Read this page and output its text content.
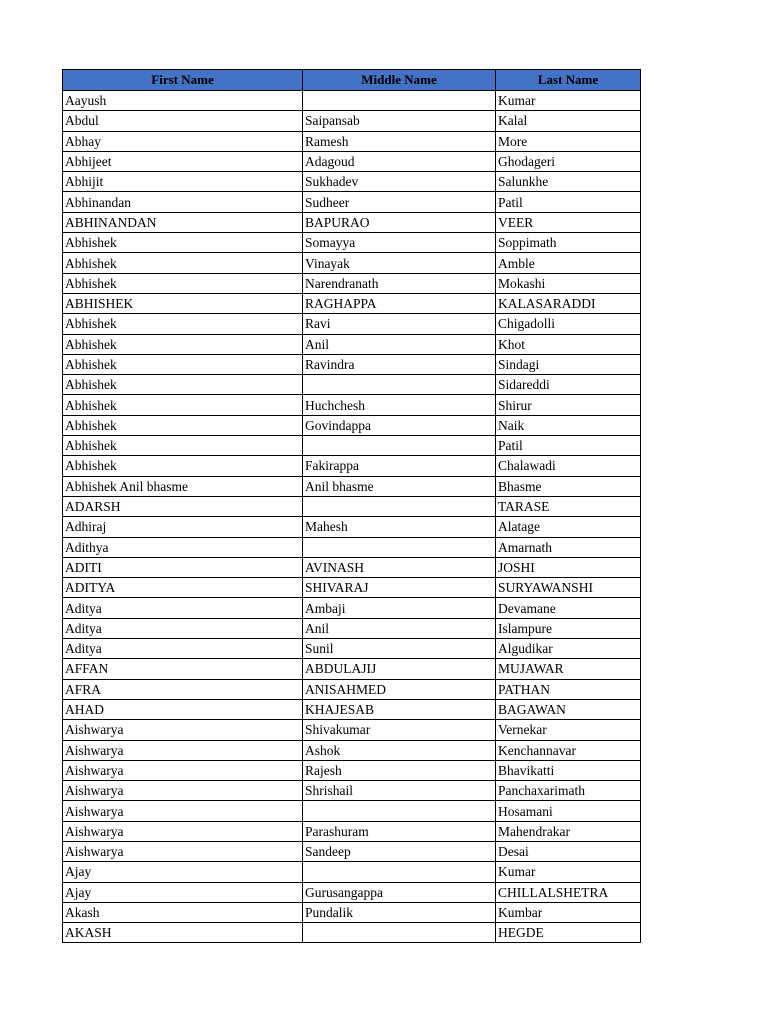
First Name	Middle Name	Last Name
Aayush		Kumar
Abdul	Saipansab	Kalal
Abhay	Ramesh	More
Abhijeet	Adagoud	Ghodageri
Abhijit	Sukhadev	Salunkhe
Abhinandan	Sudheer	Patil
ABHINANDAN	BAPURAO	VEER
Abhishek	Somayya	Soppimath
Abhishek	Vinayak	Amble
Abhishek	Narendranath	Mokashi
ABHISHEK	RAGHAPPA	KALASARADDI
Abhishek	Ravi	Chigadolli
Abhishek	Anil	Khot
Abhishek	Ravindra	Sindagi
Abhishek		Sidareddi
Abhishek	Huchchesh	Shirur
Abhishek	Govindappa	Naik
Abhishek		Patil
Abhishek	Fakirappa	Chalawadi
Abhishek Anil bhasme	Anil bhasme	Bhasme
ADARSH		TARASE
Adhiraj	Mahesh	Alatage
Adithya		Amarnath
ADITI	AVINASH	JOSHI
ADITYA	SHIVARAJ	SURYAWANSHI
Aditya	Ambaji	Devamane
Aditya	Anil	Islampure
Aditya	Sunil	Algudikar
AFFAN	ABDULAJIJ	MUJAWAR
AFRA	ANISAHMED	PATHAN
AHAD	KHAJESAB	BAGAWAN
Aishwarya	Shivakumar	Vernekar
Aishwarya	Ashok	Kenchannavar
Aishwarya	Rajesh	Bhavikatti
Aishwarya	Shrishail	Panchaxarimath
Aishwarya		Hosamani
Aishwarya	Parashuram	Mahendrakar
Aishwarya	Sandeep	Desai
Ajay		Kumar
Ajay	Gurusangappa	CHILLALSHETRA
Akash	Pundalik	Kumbar
AKASH		HEGDE
